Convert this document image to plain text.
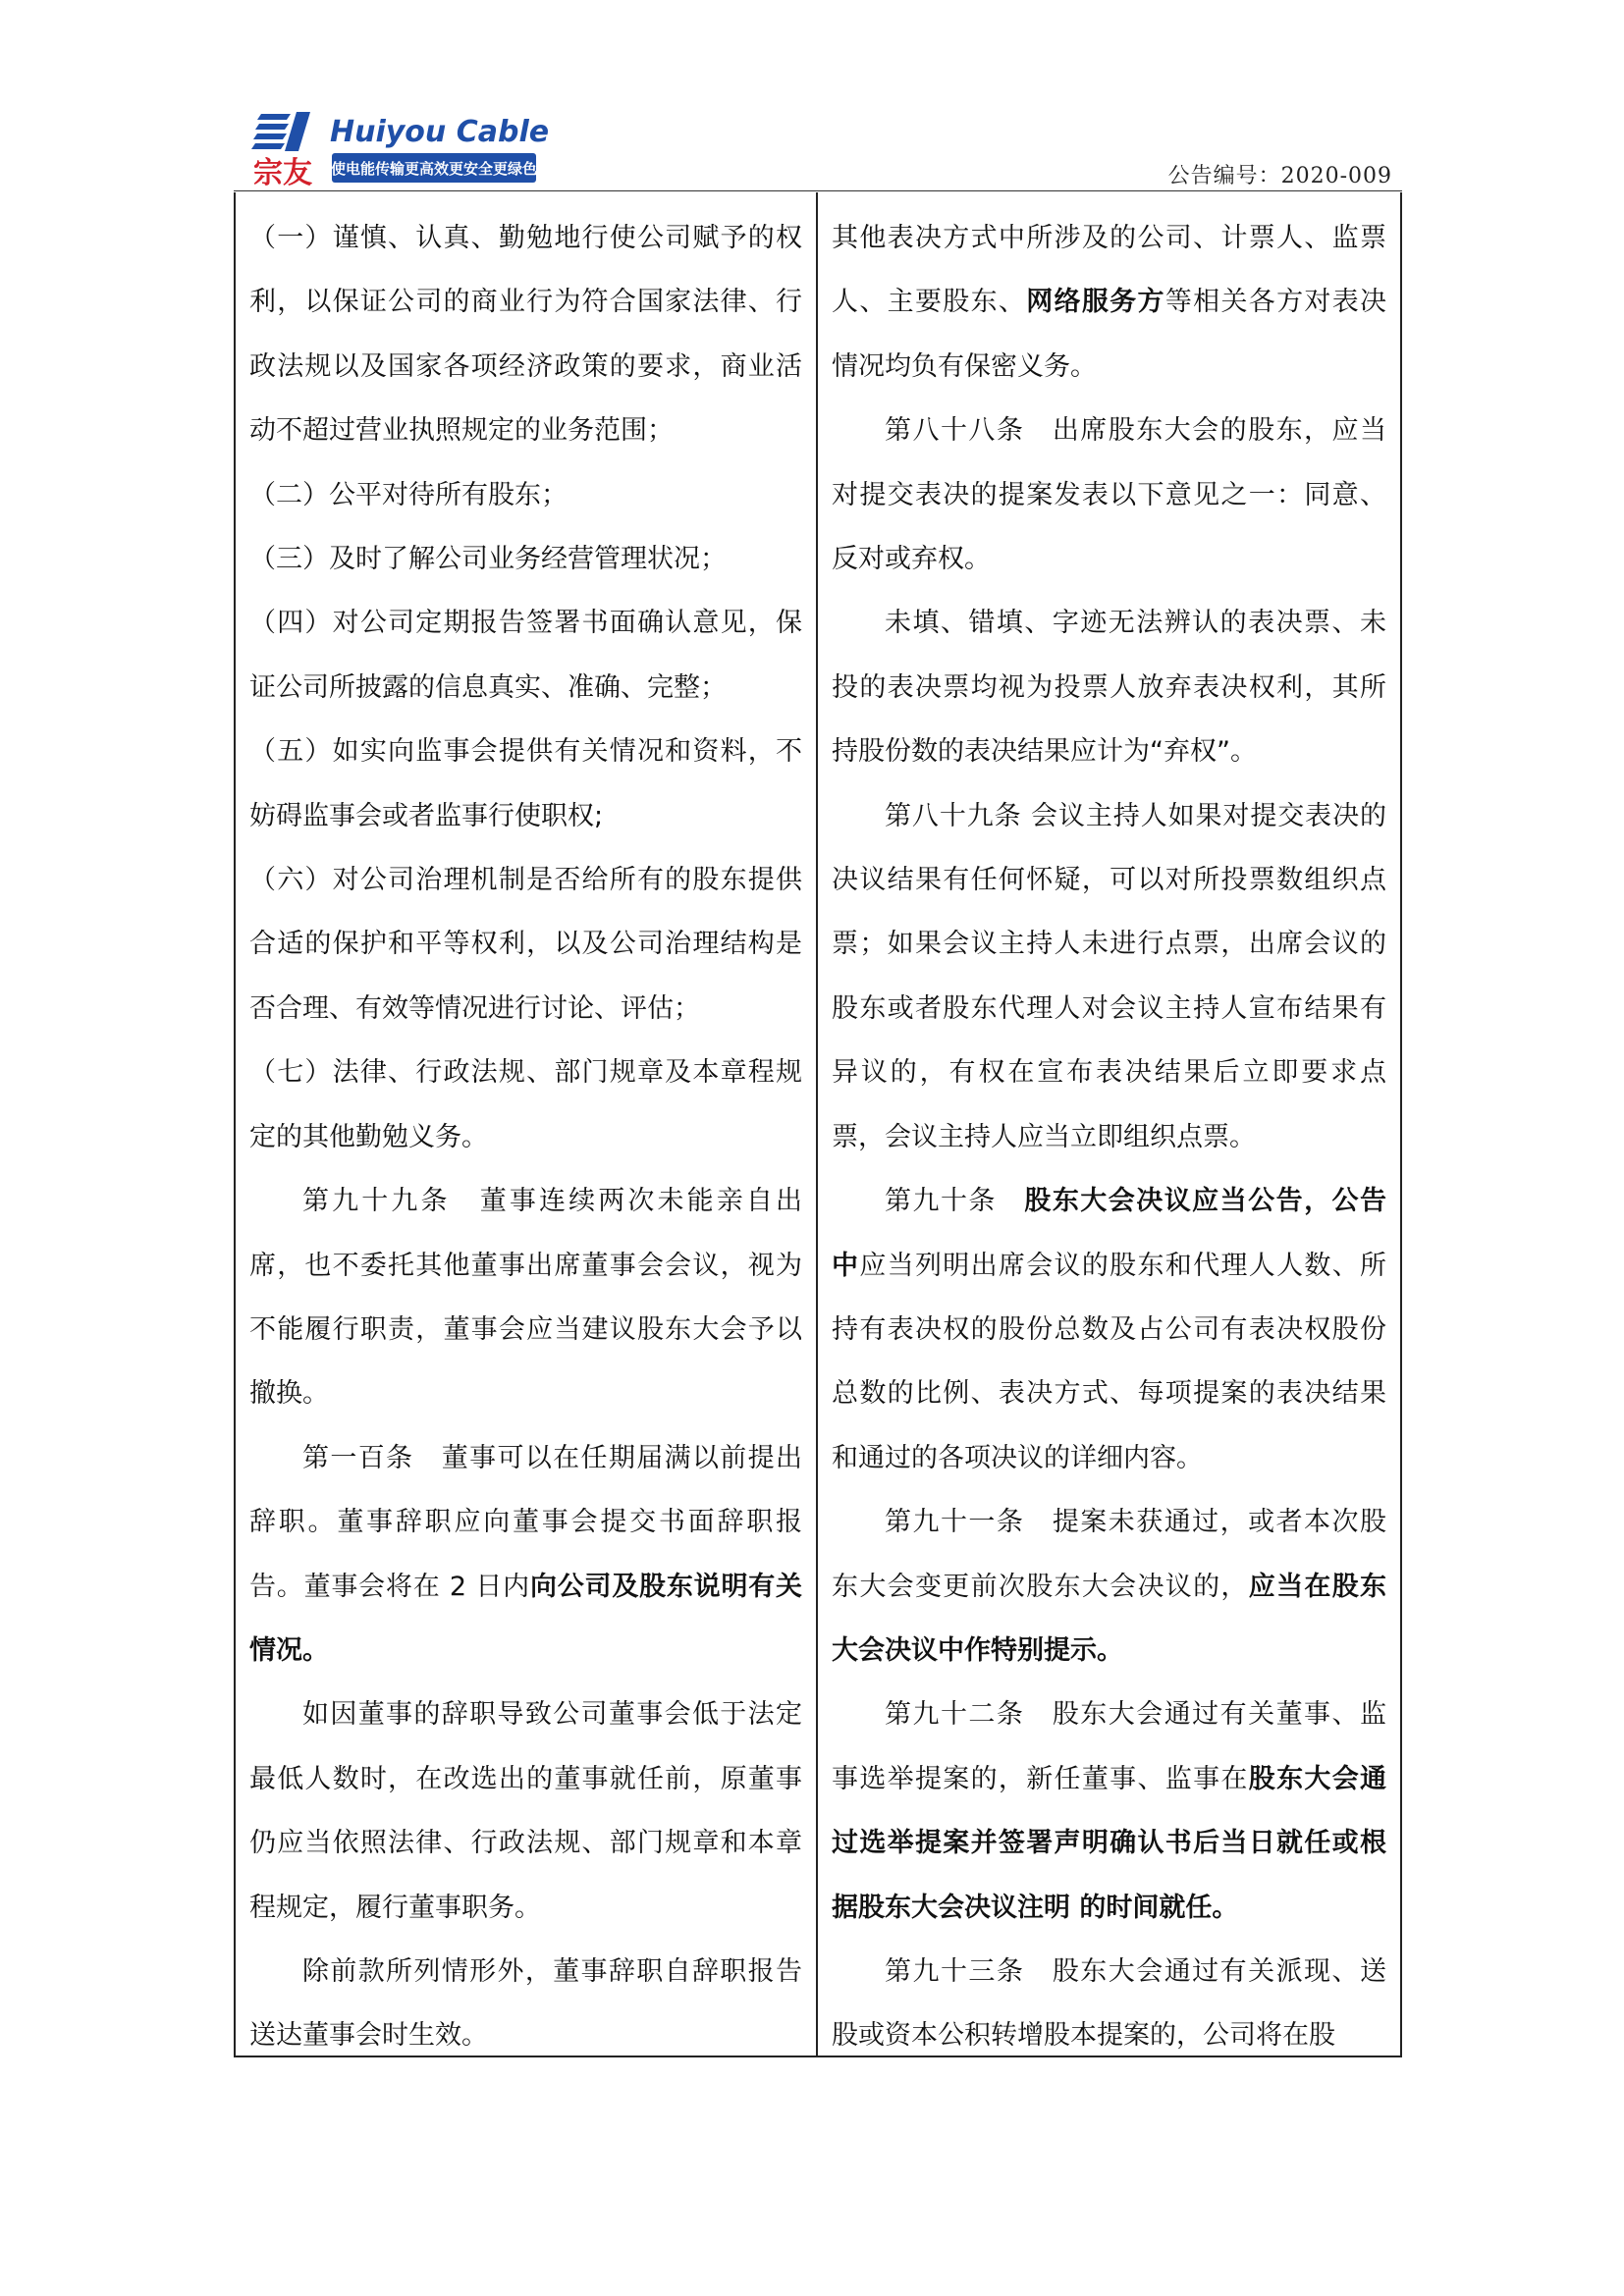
宗友
Huiyou Cable
使电能传输更高效更安全更绿色	公告编号：2020-009

（一）谨慎、认真、勤勉地行使公司赋予的权利，以保证公司的商业行为符合国家法律、行政法规以及国家各项经济政策的要求，商业活动不超过营业执照规定的业务范围；

（二）公平对待所有股东；

（三）及时了解公司业务经营管理状况；

（四）对公司定期报告签署书面确认意见，保证公司所披露的信息真实、准确、完整；

（五）如实向监事会提供有关情况和资料，不妨碍监事会或者监事行使职权;

（六）对公司治理机制是否给所有的股东提供合适的保护和平等权利，以及公司治理结构是否合理、有效等情况进行讨论、评估；

（七）法律、行政法规、部门规章及本章程规定的其他勤勉义务。

第九十九条　董事连续两次未能亲自出席，也不委托其他董事出席董事会会议，视为不能履行职责，董事会应当建议股东大会予以撤换。

第一百条　董事可以在任期届满以前提出辞职。董事辞职应向董事会提交书面辞职报告。董事会将在 2 日内向公司及股东说明有关情况。

如因董事的辞职导致公司董事会低于法定最低人数时，在改选出的董事就任前，原董事仍应当依照法律、行政法规、部门规章和本章程规定，履行董事职务。

除前款所列情形外，董事辞职自辞职报告送达董事会时生效。

其他表决方式中所涉及的公司、计票人、监票人、主要股东、网络服务方等相关各方对表决情况均负有保密义务。

第八十八条　出席股东大会的股东，应当对提交表决的提案发表以下意见之一：同意、反对或弃权。

未填、错填、字迹无法辨认的表决票、未投的表决票均视为投票人放弃表决权利，其所持股份数的表决结果应计为“弃权”。

第八十九条 会议主持人如果对提交表决的决议结果有任何怀疑，可以对所投票数组织点票；如果会议主持人未进行点票，出席会议的股东或者股东代理人对会议主持人宣布结果有异议的，有权在宣布表决结果后立即要求点票，会议主持人应当立即组织点票。

第九十条　股东大会决议应当公告，公告中应当列明出席会议的股东和代理人人数、所持有表决权的股份总数及占公司有表决权股份总数的比例、表决方式、每项提案的表决结果和通过的各项决议的详细内容。

第九十一条　提案未获通过，或者本次股东大会变更前次股东大会决议的，应当在股东大会决议中作特别提示。

第九十二条　股东大会通过有关董事、监事选举提案的，新任董事、监事在股东大会通过选举提案并签署声明确认书后当日就任或根据股东大会决议注明 的时间就任。

第九十三条　股东大会通过有关派现、送股或资本公积转增股本提案的，公司将在股
